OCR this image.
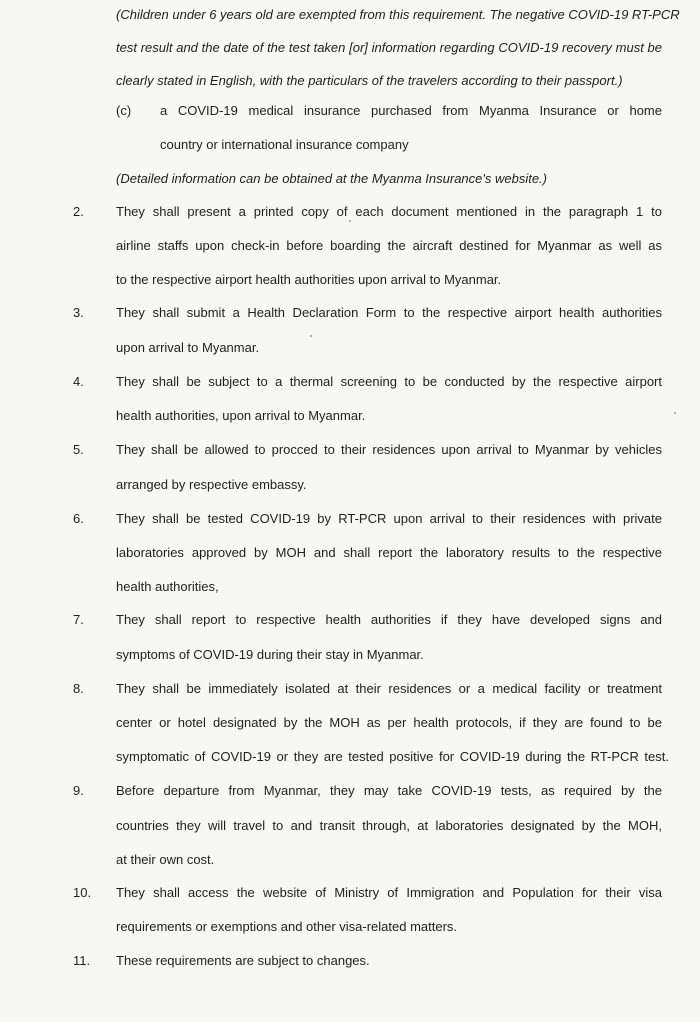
(Children under 6 years old are exempted from this requirement. The negative COVID-19 RT-PCR
test result and the date of the test taken [or] information regarding COVID-19 recovery must be
clearly stated in English, with the particulars of the travelers according to their passport.)
(c) a COVID-19 medical insurance purchased from Myanma Insurance or home
country or international insurance company
(Detailed information can be obtained at the Myanma Insurance's website.)
2.	They shall present a printed copy of each document mentioned in the paragraph 1 to
airline staffs upon check-in before boarding the aircraft destined for Myanmar as well as
to the respective airport health authorities upon arrival to Myanmar.
3.	They shall submit a Health Declaration Form to the respective airport health authorities
upon arrival to Myanmar.
4.	They shall be subject to a thermal screening to be conducted by the respective airport
health authorities, upon arrival to Myanmar.
5.	They shall be allowed to procced to their residences upon arrival to Myanmar by vehicles
arranged by respective embassy.
6.	They shall be tested COVID-19 by RT-PCR upon arrival to their residences with private
laboratories approved by MOH and shall report the laboratory results to the respective
health authorities,
7.	They shall report to respective health authorities if they have developed signs and
symptoms of COVID-19 during their stay in Myanmar.
8.	They shall be immediately isolated at their residences or a medical facility or treatment
center or hotel designated by the MOH as per health protocols, if they are found to be
symptomatic of COVID-19 or they are tested positive for COVID-19 during the RT-PCR test.
9.	Before departure from Myanmar, they may take COVID-19 tests, as required by the
countries they will travel to and transit through, at laboratories designated by the MOH,
at their own cost.
10.	They shall access the website of Ministry of Immigration and Population for their visa
requirements or exemptions and other visa-related matters.
11.	These requirements are subject to changes.
